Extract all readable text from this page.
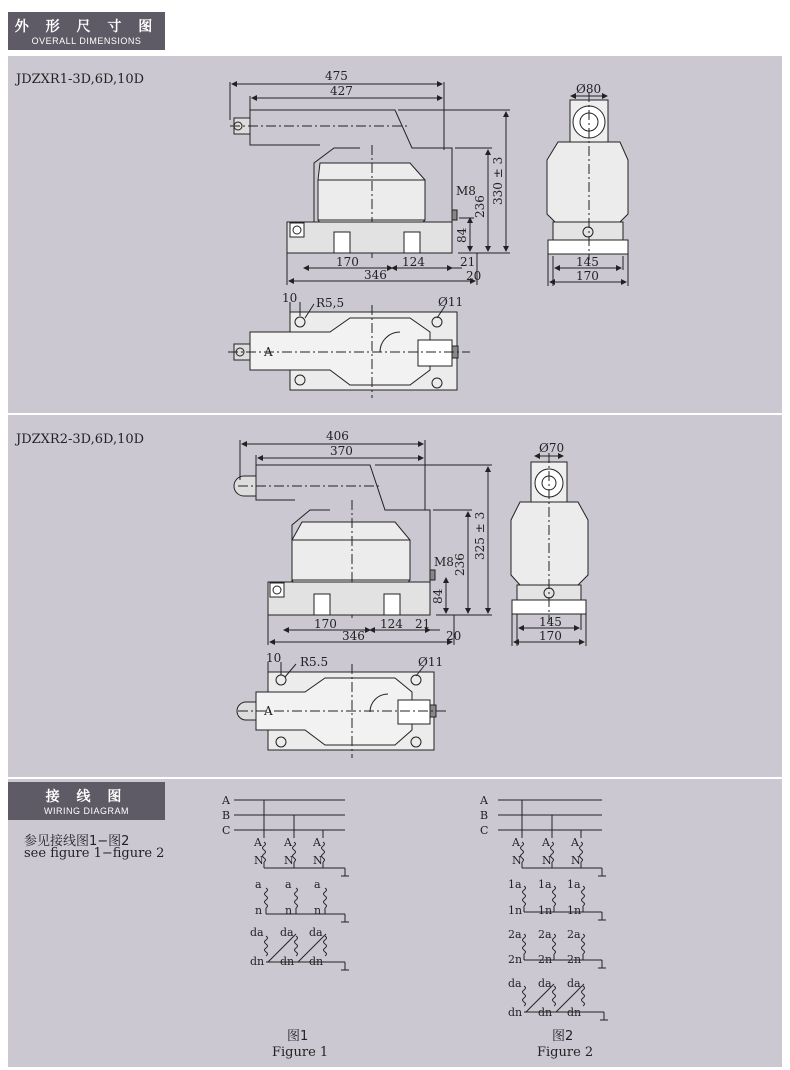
外 形 尺 寸 图
OVERALL DIMENSIONS
接 线 图
WIRING DIAGRAM
JDZXR1-3D,6D,10D
JDZXR2-3D,6D,10D
参见接线图1−图2
see figure 1−figure 2
475
427
M8
236
330 ± 3
84
170	124	21
346	20
Ø80
145
170
10 R5,5	Ø11
A
406
370
M8 236
325 ± 3
84
170	124 21
346	20
Ø70
145
170
10 R5.5	Ø11
A
A
B
C
A A A
N N N
a a a
n n n
da da da
dn dn dn
A
B
C
A A A
N N N
1a 1a 1a
1n 1n 1n
2a 2a 2a
2n 2n 2n
da da da
dn dn dn
图1
Figure 1
图2
Figure 2
